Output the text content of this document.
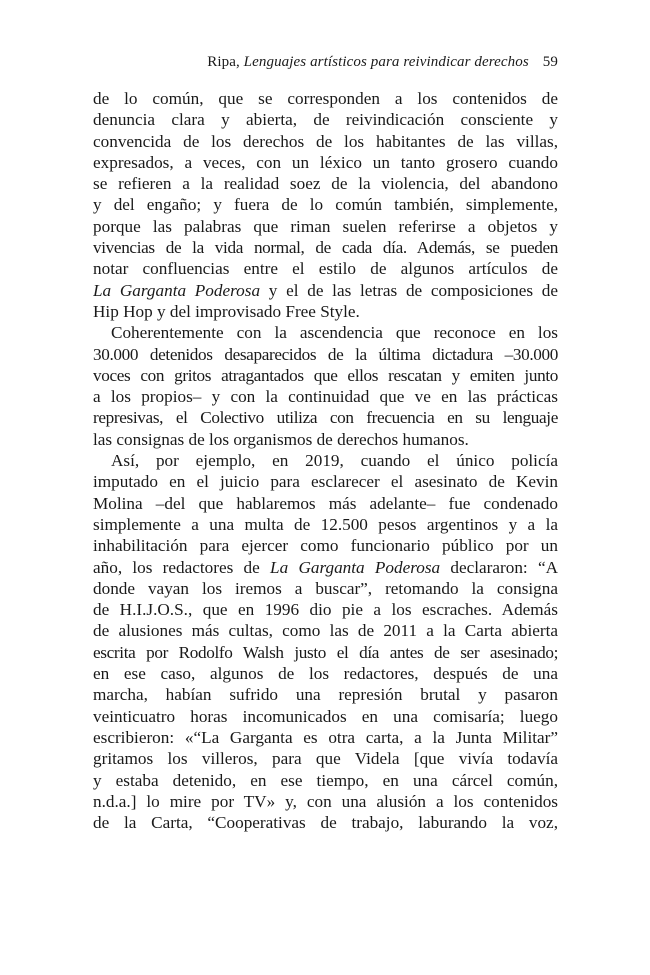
Ripa, Lenguajes artísticos para reivindicar derechos 59
de lo común, que se corresponden a los contenidos de
denuncia clara y abierta, de reivindicación consciente y
convencida de los derechos de los habitantes de las villas,
expresados, a veces, con un léxico un tanto grosero cuando
se refieren a la realidad soez de la violencia, del abandono
y del engaño; y fuera de lo común también, simplemente,
porque las palabras que riman suelen referirse a objetos y
vivencias de la vida normal, de cada día. Además, se pueden
notar confluencias entre el estilo de algunos artículos de
La Garganta Poderosa y el de las letras de composiciones de
Hip Hop y del improvisado Free Style.
Coherentemente con la ascendencia que reconoce en los
30.000 detenidos desaparecidos de la última dictadura –30.000
voces con gritos atragantados que ellos rescatan y emiten junto
a los propios– y con la continuidad que ve en las prácticas
represivas, el Colectivo utiliza con frecuencia en su lenguaje
las consignas de los organismos de derechos humanos.
Así, por ejemplo, en 2019, cuando el único policía
imputado en el juicio para esclarecer el asesinato de Kevin
Molina –del que hablaremos más adelante– fue condenado
simplemente a una multa de 12.500 pesos argentinos y a la
inhabilitación para ejercer como funcionario público por un
año, los redactores de La Garganta Poderosa declararon: “A
donde vayan los iremos a buscar”, retomando la consigna
de H.I.J.O.S., que en 1996 dio pie a los escraches. Además
de alusiones más cultas, como las de 2011 a la Carta abierta
escrita por Rodolfo Walsh justo el día antes de ser asesinado;
en ese caso, algunos de los redactores, después de una
marcha, habían sufrido una represión brutal y pasaron
veinticuatro horas incomunicados en una comisaría; luego
escribieron: «“La Garganta es otra carta, a la Junta Militar”
gritamos los villeros, para que Videla [que vivía todavía
y estaba detenido, en ese tiempo, en una cárcel común,
n.d.a.] lo mire por TV» y, con una alusión a los contenidos
de la Carta, “Cooperativas de trabajo, laburando la voz,
